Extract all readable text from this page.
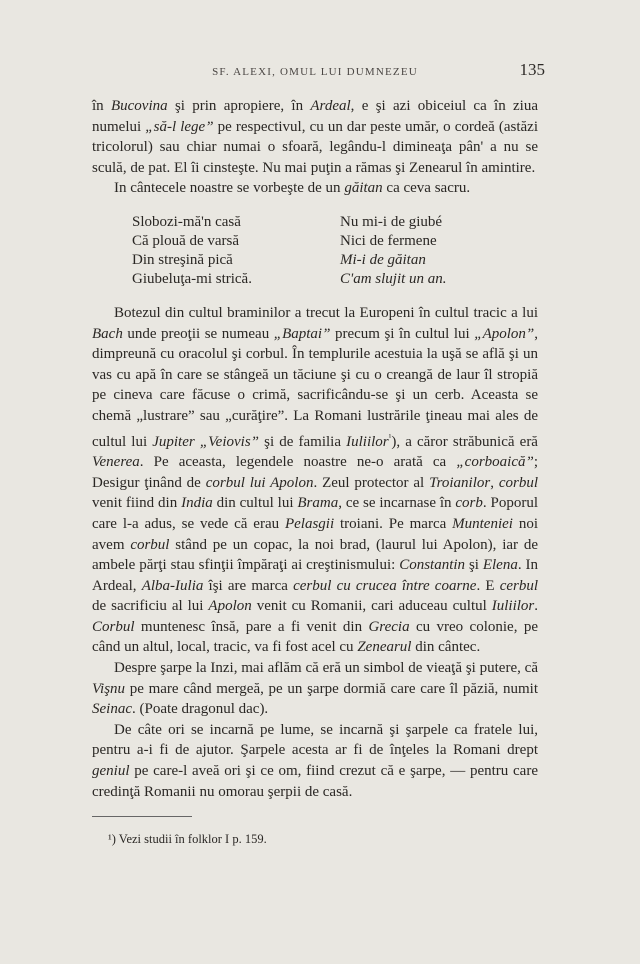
SF. ALEXI, OMUL LUI DUMNEZEU	135

în Bucovina şi prin apropiere, în Ardeal, e şi azi obiceiul ca în ziua numelui „să-l lege” pe respectivul, cu un dar peste umăr, o cordeă (astăzi tricolorul) sau chiar numai o sfoară, legându-l dimineaţa pân' a nu se sculă, de pat. El îi cinsteşte. Nu mai puţin a rămas şi Zenearul în amintire.

In cântecele noastre se vorbeşte de un găitan ca ceva sacru.

Slobozi-mă'n casă	Nu mi-i de giubé
Că plouă de varsă	Nici de fermene
Din streşină pică	Mi-i de găitan
Giubeluţa-mi strică.	C'am slujit un an.

Botezul din cultul braminilor a trecut la Europeni în cultul tracic a lui Bach unde preoţii se numeau „Baptai” precum şi în cultul lui „Apolon”, dimpreună cu oracolul şi corbul. În templurile acestuia la uşă se află şi un vas cu apă în care se stângeă un tăciune şi cu o creangă de laur îl stropiă pe cineva care făcuse o crimă, sacrificându-se şi un cerb. Aceasta se chemă „lustrare” sau „curăţire”. La Romani lustrările ţineau mai ales de cultul lui Jupiter „Veiovis” şi de familia Iuliilor$^{^1}$), a căror străbunică eră Venerea. Pe aceasta, legendele noastre ne-o arată ca „corboaică”; Desigur ţinând de corbul lui Apolon. Zeul protector al Troianilor, corbul venit fiind din India din cultul lui Brama, ce se incarnase în corb. Poporul care l-a adus, se vede că erau Pelasgii troiani. Pe marca Munteniei noi avem corbul stând pe un copac, la noi brad, (laurul lui Apolon), iar de ambele părţi stau sfinţii împăraţi ai creştinismului: Constantin şi Elena. In Ardeal, Alba-Iulia îşi are marca cerbul cu crucea între coarne. E cerbul de sacrificiu al lui Apolon venit cu Romanii, cari aduceau cultul Iuliilor. Corbul muntenesc însă, pare a fi venit din Grecia cu vreo colonie, pe când un altul, local, tracic, va fi fost acel cu Zenearul din cântec.

Despre şarpe la Inzi, mai aflăm că eră un simbol de vieaţă şi putere, că Vişnu pe mare când mergeă, pe un şarpe dormiă care care îl păziă, numit Seinac. (Poate dragonul dac).

De câte ori se incarnă pe lume, se incarnă şi şarpele ca fratele lui, pentru a-i fi de ajutor. Şarpele acesta ar fi de înţeles la Romani drept geniul pe care-l aveă ori şi ce om, fiind crezut că e şarpe, — pentru care credinţă Romanii nu omorau şerpii de casă.

¹) Vezi studii în folklor I p. 159.
